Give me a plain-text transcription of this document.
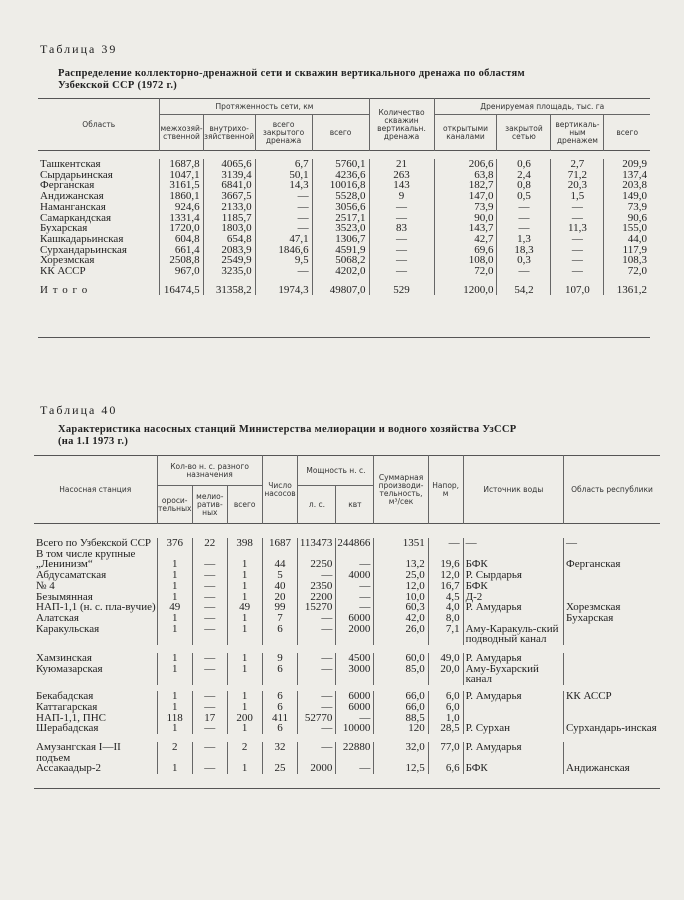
Таблица 39
Распределение коллекторно-дренажной сети и скважин вертикального дренажа по областям
Узбекской ССР (1972 г.)
Область	Протяженность сети, км				Количество скважин вертикальн. дренажа	Дренируемая площадь, тыс. га			
	межхозяй-ственной	внутрихо-зяйственной	всего закрытого дренажа	всего		открытыми каналами	закрытой сетью	вертикаль-ным дренажем	всего

Ташкентская	1687,8	4065,6	6,7	5760,1	21	206,6	0,6	2,7	209,9
Сырдарьинская	1047,1	3139,4	50,1	4236,6	263	63,8	2,4	71,2	137,4
Ферганская	3161,5	6841,0	14,3	10016,8	143	182,7	0,8	20,3	203,8
Андижанская	1860,1	3667,5	—	5528,0	9	147,0	0,5	1,5	149,0
Наманганская	924,6	2133,0	—	3056,6	—	73,9	—	—	73,9
Самаркандская	1331,4	1185,7	—	2517,1	—	90,0	—	—	90,6
Бухарская	1720,0	1803,0	—	3523,0	83	143,7	—	11,3	155,0
Кашкадарьинская	604,8	654,8	47,1	1306,7	—	42,7	1,3	—	44,0
Сурхандарьинская	661,4	2083,9	1846,6	4591,9	—	69,6	18,3	—	117,9
Хорезмская	2508,8	2549,9	9,5	5068,2	—	108,0	0,3	—	108,3
КК АССР	967,0	3235,0	—	4202,0	—	72,0	—	—	72,0
И т о г о	16474,5	31358,2	1974,3	49807,0	529	1200,0	54,2	107,0	1361,2

Таблица 40
Характеристика насосных станций Министерства мелиорации и водного хозяйства УзССР
(на 1.I 1973 г.)
Насосная станция	Кол-во н. с. разного назначения			Число насосов	Мощность н. с.		Суммарная производи-тельность, м³/сек	Напор, м	Источник воды	Область республики
	ороси-тельных	мелио-ратив-ных	всего		л. с.	квт				

Всего по Узбекской ССР	376	22	398	1687	113473	244866	1351	—	—	—
В том числе крупные										
„Ленинизм“	1	—	1	44	2250	—	13,2	19,6	БФК	Ферганская
Абдусаматская	1	—	1	5	—	4000	25,0	12,0	Р. Сырдарья	
№ 4	1	—	1	40	2350	—	12,0	16,7	БФК	
Безымянная	1	—	1	20	2200	—	10,0	4,5	Д-2	
НАП-1,1 (н. с. пла-вучие)	49	—	49	99	15270	—	60,3	4,0	Р. Амударья	Хорезмская
Алатская	1	—	1	7	—	6000	42,0	8,0		Бухарская
Каракульская	1	—	1	6	—	2000	26,0	7,1	Аму-Каракуль-ский подводный канал	

Хамзинская	1	—	1	9	—	4500	60,0	49,0	Р. Амударья	
Куюмазарская	1	—	1	6	—	3000	85,0	20,0	Аму-Бухарский канал	

Бекабадская	1	—	1	6	—	6000	66,0	6,0	Р. Амударья	КК АССР
Каттагарская	1	—	1	6	—	6000	66,0	6,0		
НАП-1,1, ПНС	118	17	200	411	52770	—	88,5	1,0		
Шерабадская	1	—	1	6	—	10000	120	28,5	Р. Сурхан	Сурхандарь-инская

Амузангская I—II подъем	2	—	2	32	—	22880	32,0	77,0	Р. Амударья	
Ассакаадыр-2	1	—	1	25	2000	—	12,5	6,6	БФК	Андижанская
